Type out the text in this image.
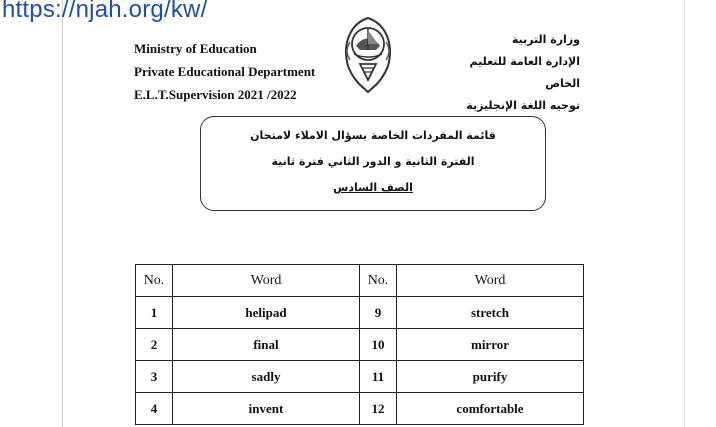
https://njah.org/kw/
Ministry of Education
Private Educational Department
E.L.T.Supervision 2021 /2022
وزارة التربية
الإدارة العامة للتعليم الخاص
توجيه اللغة الإنجليزية
قائمة المفردات الخاصة بسؤال الاملاء لامتحان
الفترة الثانية و الدور الثاني فترة ثانية
الصف السادس
No.	Word	No.	Word
1	helipad	9	stretch
2	final	10	mirror
3	sadly	11	purify
4	invent	12	comfortable
